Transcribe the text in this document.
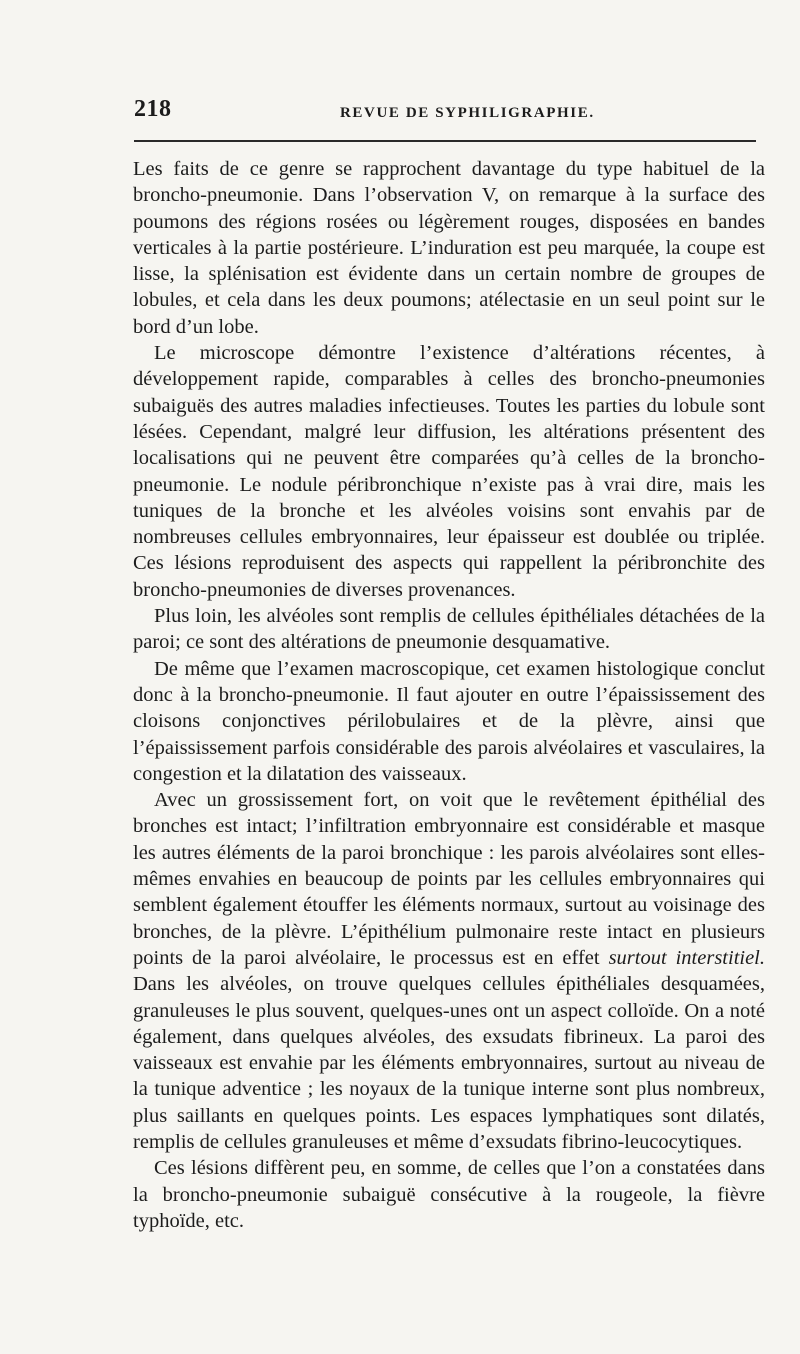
218	REVUE DE SYPHILIGRAPHIE.

Les faits de ce genre se rapprochent davantage du type habituel de la broncho-pneumonie. Dans l’observation V, on remarque à la surface des poumons des régions rosées ou légèrement rouges, disposées en bandes verticales à la partie postérieure. L’induration est peu marquée, la coupe est lisse, la splénisation est évidente dans un certain nombre de groupes de lobules, et cela dans les deux poumons; atélectasie en un seul point sur le bord d’un lobe.

Le microscope démontre l’existence d’altérations récentes, à développement rapide, comparables à celles des broncho-pneumonies subaiguës des autres maladies infectieuses. Toutes les parties du lobule sont lésées. Cependant, malgré leur diffusion, les altérations présentent des localisations qui ne peuvent être comparées qu’à celles de la broncho-pneumonie. Le nodule péribronchique n’existe pas à vrai dire, mais les tuniques de la bronche et les alvéoles voisins sont envahis par de nombreuses cellules embryonnaires, leur épaisseur est doublée ou triplée. Ces lésions reproduisent des aspects qui rappellent la péribronchite des broncho-pneumonies de diverses provenances.

Plus loin, les alvéoles sont remplis de cellules épithéliales détachées de la paroi; ce sont des altérations de pneumonie desquamative.

De même que l’examen macroscopique, cet examen histologique conclut donc à la broncho-pneumonie. Il faut ajouter en outre l’épaississement des cloisons conjonctives périlobulaires et de la plèvre, ainsi que l’épaississement parfois considérable des parois alvéolaires et vasculaires, la congestion et la dilatation des vaisseaux.

Avec un grossissement fort, on voit que le revêtement épithélial des bronches est intact; l’infiltration embryonnaire est considérable et masque les autres éléments de la paroi bronchique : les parois alvéolaires sont elles-mêmes envahies en beaucoup de points par les cellules embryonnaires qui semblent également étouffer les éléments normaux, surtout au voisinage des bronches, de la plèvre. L’épithélium pulmonaire reste intact en plusieurs points de la paroi alvéolaire, le processus est en effet surtout interstitiel. Dans les alvéoles, on trouve quelques cellules épithéliales desquamées, granuleuses le plus souvent, quelques-unes ont un aspect colloïde. On a noté également, dans quelques alvéoles, des exsudats fibrineux. La paroi des vaisseaux est envahie par les éléments embryonnaires, surtout au niveau de la tunique adventice ; les noyaux de la tunique interne sont plus nombreux, plus saillants en quelques points. Les espaces lymphatiques sont dilatés, remplis de cellules granuleuses et même d’exsudats fibrino-leucocytiques.

Ces lésions diffèrent peu, en somme, de celles que l’on a constatées dans la broncho-pneumonie subaiguë consécutive à la rougeole, la fièvre typhoïde, etc.
